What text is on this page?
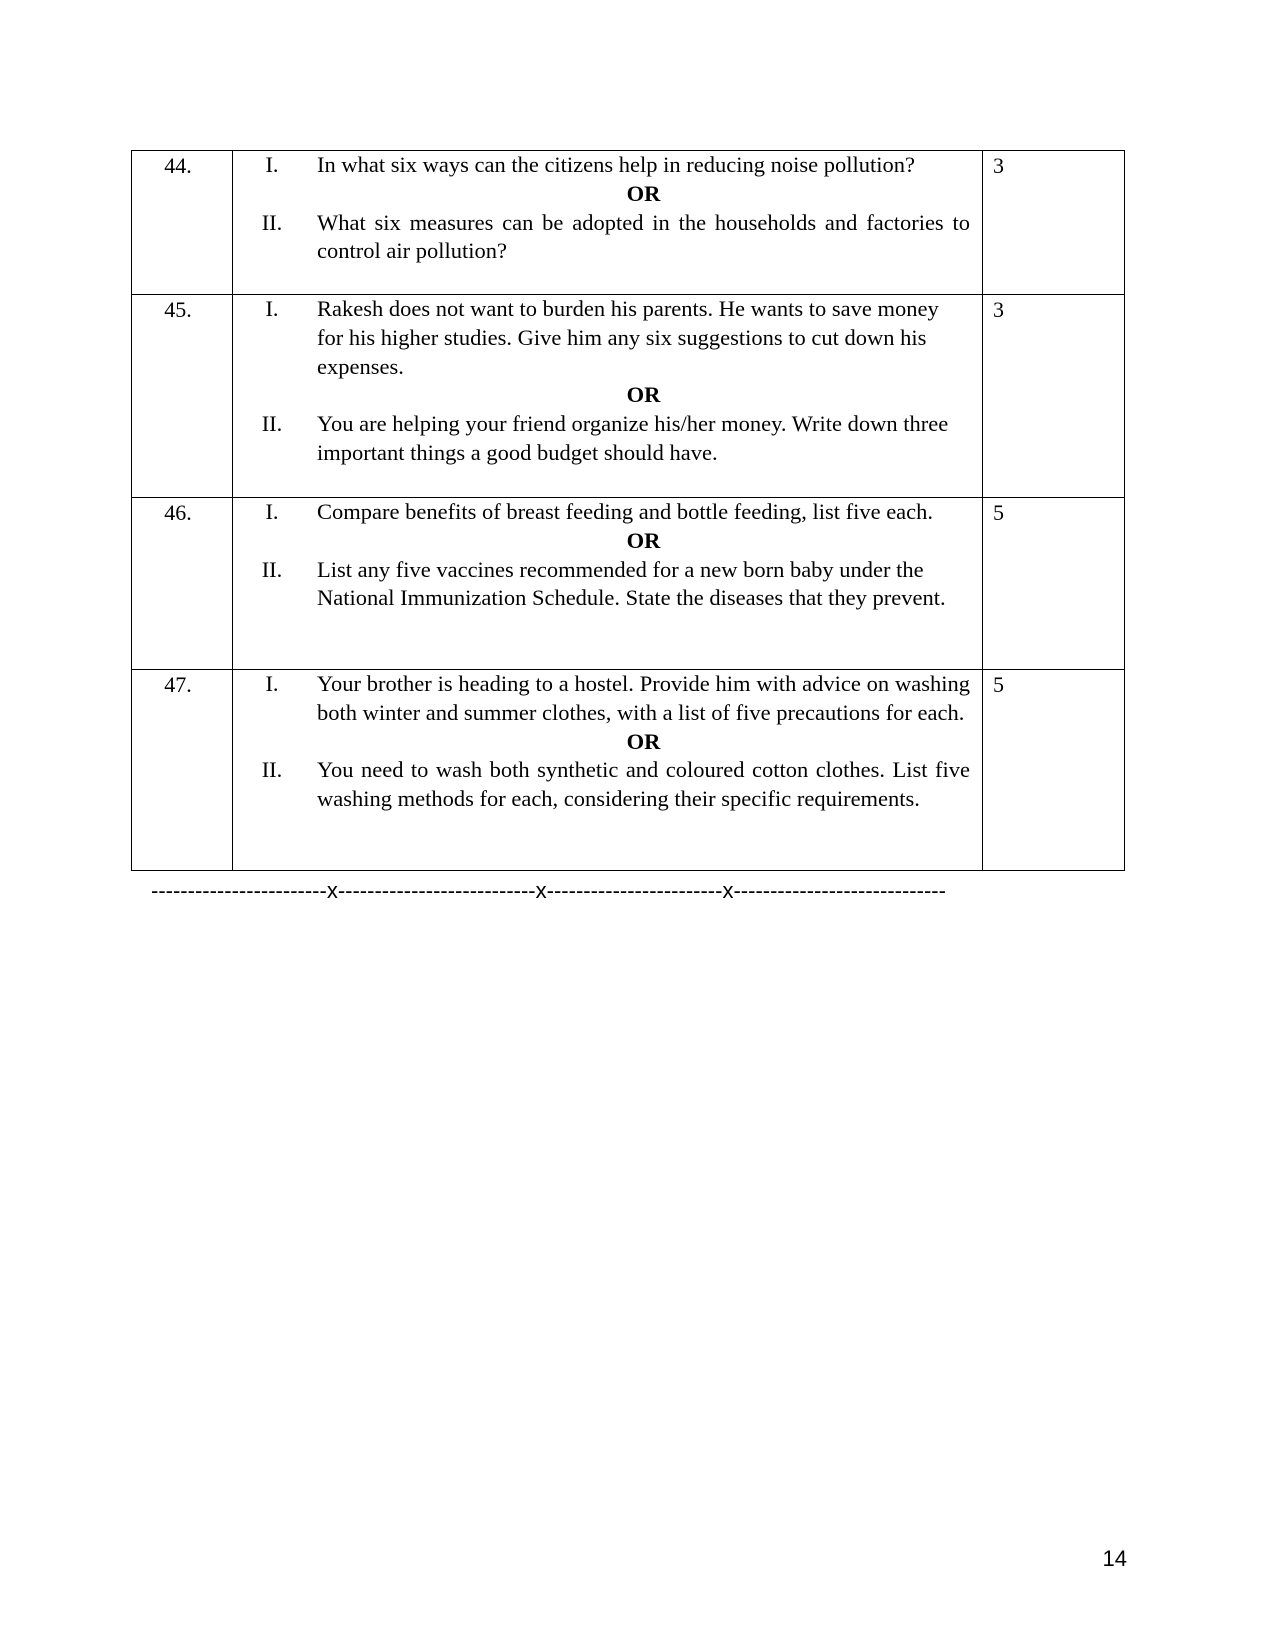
44.	I. In what six ways can the citizens help in reducing noise pollution?
OR
II. What six measures can be adopted in the households and factories to control air pollution?	3
45.	I. Rakesh does not want to burden his parents. He wants to save money for his higher studies. Give him any six suggestions to cut down his expenses.
OR
II. You are helping your friend organize his/her money. Write down three important things a good budget should have.	3
46.	I. Compare benefits of breast feeding and bottle feeding, list five each.
OR
II. List any five vaccines recommended for a new born baby under the National Immunization Schedule. State the diseases that they prevent.	5
47.	I. Your brother is heading to a hostel. Provide him with advice on washing both winter and summer clothes, with a list of five precautions for each.
OR
II. You need to wash both synthetic and coloured cotton clothes. List five washing methods for each, considering their specific requirements.	5
------------------------x---------------------------x------------------------x-----------------------------
14
